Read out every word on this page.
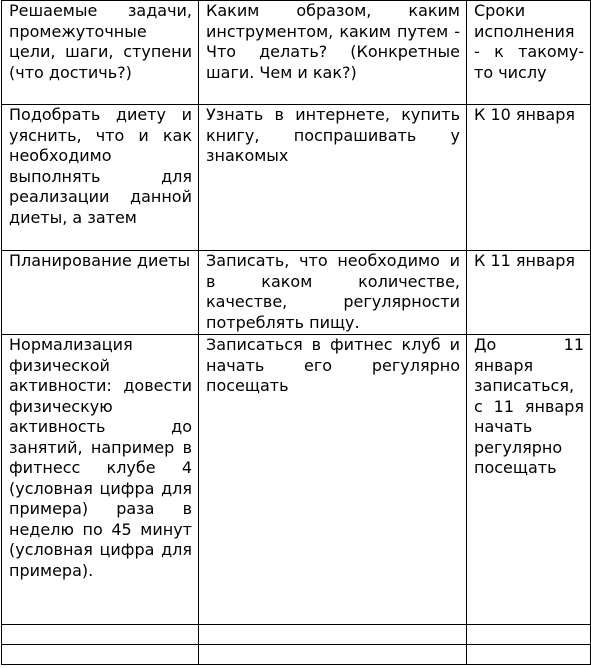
Решаемые задачи, промежуточные цели, шаги, ступени (что достичь?)	Каким образом, каким инструментом, каким путем - Что делать? (Конкретные шаги. Чем и как?)	Сроки исполнения - к такому-то числу

Подобрать диету и уяснить, что и как необходимо выполнять для реализации данной диеты, а затем	Узнать в интернете, купить книгу, поспрашивать у знакомых	К 10 января

Планирование диеты	Записать, что необходимо и в каком количестве, качестве, регулярности потреблять пищу.	К 11 января

Нормализация физической активности: довести физическую активность до занятий, например в фитнесс клубе 4 (условная цифра для примера) раза в неделю по 45 минут (условная цифра для примера).	Записаться в фитнес клуб и начать его регулярно посещать	До 11 января записаться, с 11 января начать регулярно посещать
